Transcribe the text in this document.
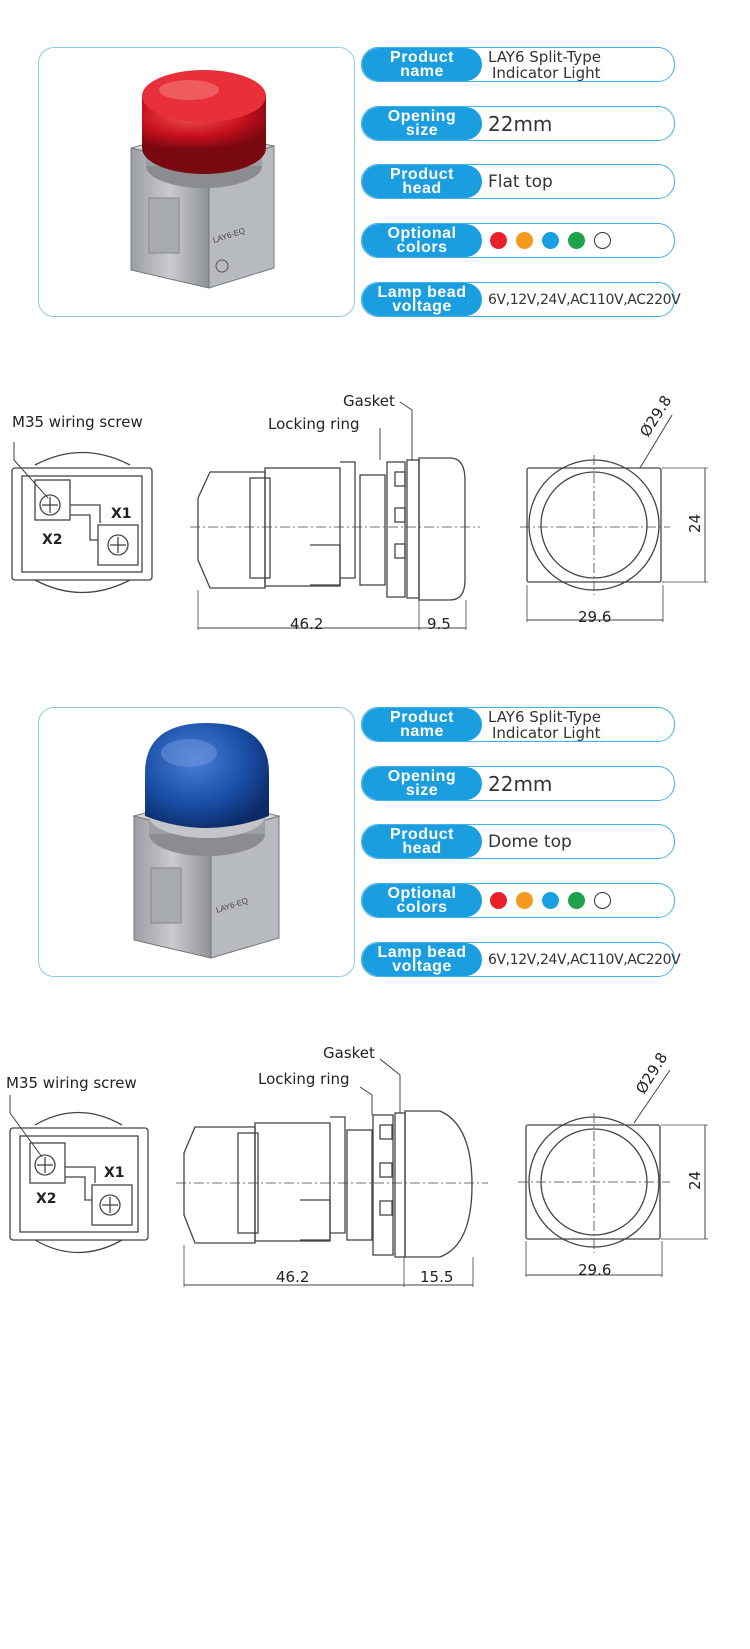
LAY6-EQ
Product name
LAY6 Split-Type
Indicator Light
Opening size	22mm
Product head	Flat top
Optional colors
Lamp bead voltage	6V,12V,24V,AC110V,AC220V
M35 wiring screw
X1
X2
Locking ring
Gasket
46.2	9.5
Ø29.8
29.6
24
LAY6-EQ
Product name
LAY6 Split-Type
Indicator Light
Opening size	22mm
Product head	Dome top
Optional colors
Lamp bead voltage	6V,12V,24V,AC110V,AC220V
M35 wiring screw
X1
X2
Locking ring
Gasket
46.2	15.5
Ø29.8
29.6
24
